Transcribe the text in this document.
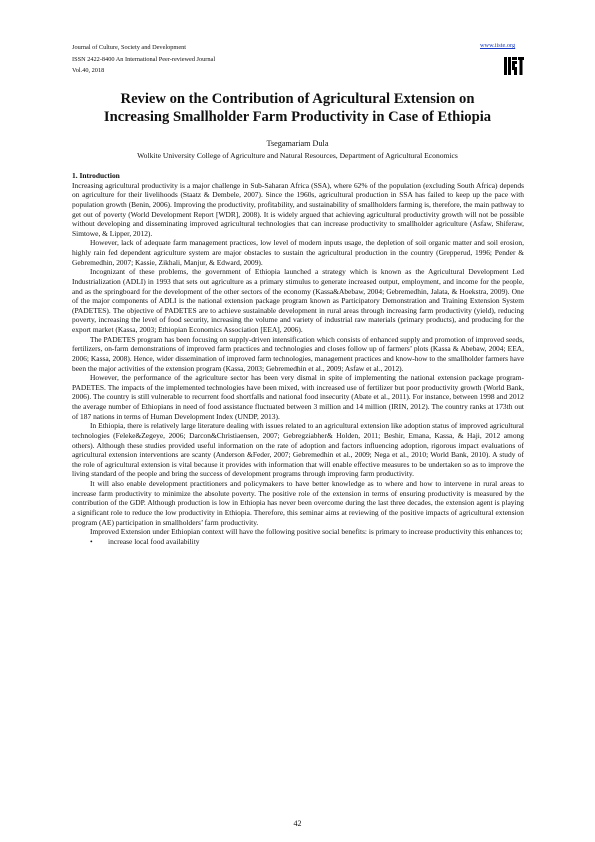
Journal of Culture, Society and Development
ISSN 2422-8400 An International Peer-reviewed Journal
Vol.40, 2018
www.iiste.org
Review on the Contribution of Agricultural Extension on
Increasing Smallholder Farm Productivity in Case of Ethiopia
Tsegamariam Dula
Wolkite University College of Agriculture and Natural Resources, Department of Agricultural Economics
1. Introduction

Increasing agricultural productivity is a major challenge in Sub-Saharan Africa (SSA), where 62% of the population (excluding South Africa) depends on agriculture for their livelihoods (Staatz & Dembele, 2007). Since the 1960s, agricultural production in SSA has failed to keep up the pace with population growth (Benin, 2006). Improving the productivity, profitability, and sustainability of smallholders farming is, therefore, the main pathway to get out of poverty (World Development Report [WDR], 2008). It is widely argued that achieving agricultural productivity growth will not be possible without developing and disseminating improved agricultural technologies that can increase productivity to smallholder agriculture (Asfaw, Shiferaw, Simtowe, & Lipper, 2012).

However, lack of adequate farm management practices, low level of modern inputs usage, the depletion of soil organic matter and soil erosion, highly rain fed dependent agriculture system are major obstacles to sustain the agricultural production in the country (Grepperud, 1996; Pender & Gebremedhin, 2007; Kassie, Zikhali, Manjur, & Edward, 2009).

Incognizant of these problems, the government of Ethiopia launched a strategy which is known as the Agricultural Development Led Industrialization (ADLI) in 1993 that sets out agriculture as a primary stimulus to generate increased output, employment, and income for the people, and as the springboard for the development of the other sectors of the economy (Kassa&Abebaw, 2004; Gebremedhin, Jalata, & Hoekstra, 2009). One of the major components of ADLI is the national extension package program known as Participatory Demonstration and Training Extension System (PADETES). The objective of PADETES are to achieve sustainable development in rural areas through increasing farm productivity (yield), reducing poverty, increasing the level of food security, increasing the volume and variety of industrial raw materials (primary products), and producing for the export market (Kassa, 2003; Ethiopian Economics Association [EEA], 2006).

The PADETES program has been focusing on supply-driven intensification which consists of enhanced supply and promotion of improved seeds, fertilizers, on-farm demonstrations of improved farm practices and technologies and closes follow up of farmers’ plots (Kassa & Abebaw, 2004; EEA, 2006; Kassa, 2008). Hence, wider dissemination of improved farm technologies, management practices and know-how to the smallholder farmers have been the major activities of the extension program (Kassa, 2003; Gebremedhin et al., 2009; Asfaw et al., 2012).

However, the performance of the agriculture sector has been very dismal in spite of implementing the national extension package program-PADETES. The impacts of the implemented technologies have been mixed, with increased use of fertilizer but poor productivity growth (World Bank, 2006). The country is still vulnerable to recurrent food shortfalls and national food insecurity (Abate et al., 2011). For instance, between 1998 and 2012 the average number of Ethiopians in need of food assistance fluctuated between 3 million and 14 million (IRIN, 2012). The country ranks at 173th out of 187 nations in terms of Human Development Index (UNDP, 2013).

In Ethiopia, there is relatively large literature dealing with issues related to an agricultural extension like adoption status of improved agricultural technologies (Feleke&Zegeye, 2006; Darcon&Christiaensen, 2007; Gebregziabher& Holden, 2011; Beshir, Emana, Kassa, & Haji, 2012 among others). Although these studies provided useful information on the rate of adoption and factors influencing adoption, rigorous impact evaluations of agricultural extension interventions are scanty (Anderson &Feder, 2007; Gebremedhin et al., 2009; Nega et al., 2010; World Bank, 2010). A study of the role of agricultural extension is vital because it provides with information that will enable effective measures to be undertaken so as to improve the living standard of the people and bring the success of development programs through improving farm productivity.

It will also enable development practitioners and policymakers to have better knowledge as to where and how to intervene in rural areas to increase farm productivity to minimize the absolute poverty. The positive role of the extension in terms of ensuring productivity is measured by the contribution of the GDP. Although production is low in Ethiopia has never been overcome during the last three decades, the extension agent is playing a significant role to reduce the low productivity in Ethiopia. Therefore, this seminar aims at reviewing of the positive impacts of agricultural extension program (AE) participation in smallholders’ farm productivity.

Improved Extension under Ethiopian context will have the following positive social benefits: is primary to increase productivity this enhances to;

• increase local food availability
42
